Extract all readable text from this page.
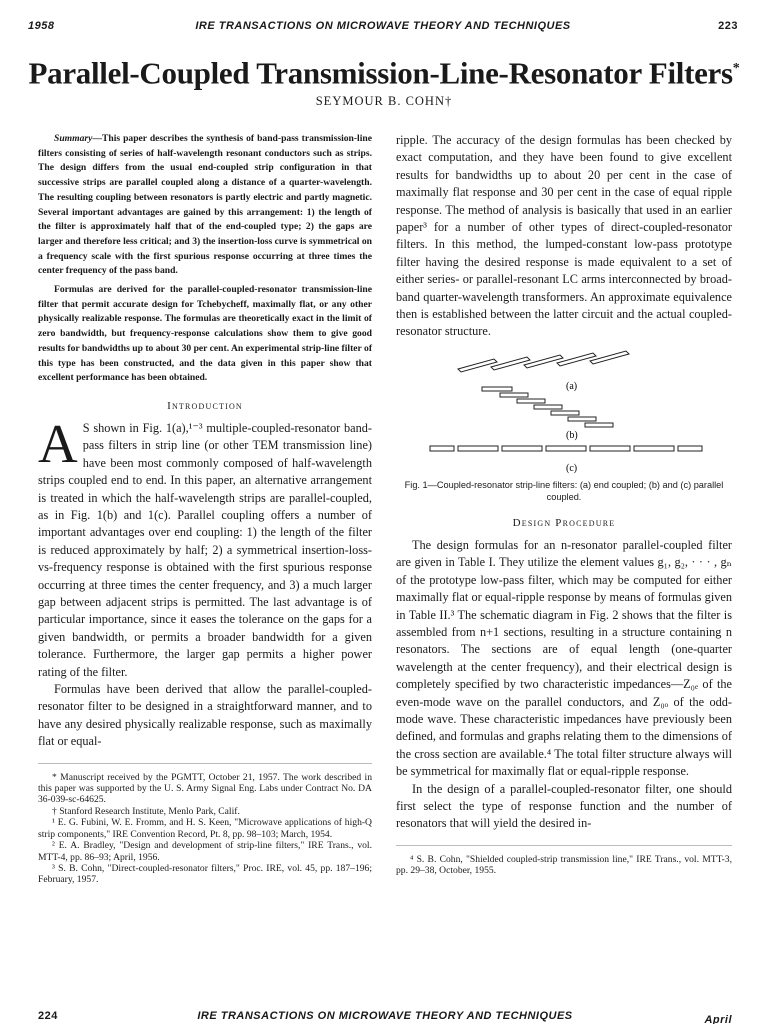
1958	IRE TRANSACTIONS ON MICROWAVE THEORY AND TECHNIQUES	223
Parallel-Coupled Transmission-Line-Resonator Filters*
SEYMOUR B. COHN†

Summary—This paper describes the synthesis of band-pass transmission-line filters consisting of series of half-wavelength resonant conductors such as strips. The design differs from the usual end-coupled strip configuration in that successive strips are parallel coupled along a distance of a quarter-wavelength. The resulting coupling between resonators is partly electric and partly magnetic. Several important advantages are gained by this arrangement: 1) the length of the filter is approximately half that of the end-coupled type; 2) the gaps are larger and therefore less critical; and 3) the insertion-loss curve is symmetrical on a frequency scale with the first spurious response occurring at three times the center frequency of the pass band.

Formulas are derived for the parallel-coupled-resonator transmission-line filter that permit accurate design for Tchebycheff, maximally flat, or any other physically realizable response. The formulas are theoretically exact in the limit of zero bandwidth, but frequency-response calculations show them to give good results for bandwidths up to about 30 per cent. An experimental strip-line filter of this type has been constructed, and the data given in this paper show that excellent performance has been obtained.

Introduction

A S shown in Fig. 1(a),¹⁻³ multiple-coupled-resonator band-pass filters in strip line (or other TEM transmission line) have been most commonly composed of half-wavelength strips coupled end to end. In this paper, an alternative arrangement is treated in which the half-wavelength strips are parallel-coupled, as in Fig. 1(b) and 1(c). Parallel coupling offers a number of important advantages over end coupling: 1) the length of the filter is reduced approximately by half; 2) a symmetrical insertion-loss-vs-frequency response is obtained with the first spurious response occurring at three times the center frequency, and 3) a much larger gap between adjacent strips is permitted. The last advantage is of particular importance, since it eases the tolerance on the gaps for a given bandwidth, or permits a broader bandwidth for a given tolerance. Furthermore, the larger gap permits a higher power rating of the filter.

Formulas have been derived that allow the parallel-coupled-resonator filter to be designed in a straightforward manner, and to have any desired physically realizable response, such as maximally flat or equal-

* Manuscript received by the PGMTT, October 21, 1957. The work described in this paper was supported by the U. S. Army Signal Eng. Labs under Contract No. DA 36-039-sc-64625.

† Stanford Research Institute, Menlo Park, Calif.

¹ E. G. Fubini, W. E. Fromm, and H. S. Keen, "Microwave applications of high-Q strip components," IRE Convention Record, Pt. 8, pp. 98–103; March, 1954.

² E. A. Bradley, "Design and development of strip-line filters," IRE Trans., vol. MTT-4, pp. 86–93; April, 1956.

³ S. B. Cohn, "Direct-coupled-resonator filters," Proc. IRE, vol. 45, pp. 187–196; February, 1957.

ripple. The accuracy of the design formulas has been checked by exact computation, and they have been found to give excellent results for bandwidths up to about 20 per cent in the case of maximally flat response and 30 per cent in the case of equal ripple response. The method of analysis is basically that used in an earlier paper³ for a number of other types of direct-coupled-resonator filters. In this method, the lumped-constant low-pass prototype filter having the desired response is made equivalent to a set of either series- or parallel-resonant LC arms interconnected by broad-band quarter-wavelength transformers. An approximate equivalence then is established between the latter circuit and the actual coupled-resonator structure.

(a)
(b)
(c)

Fig. 1—Coupled-resonator strip-line filters: (a) end coupled; (b) and (c) parallel coupled.

Design Procedure

The design formulas for an n-resonator parallel-coupled filter are given in Table I. They utilize the element values g₁, g₂, · · · , gₙ of the prototype low-pass filter, which may be computed for either maximally flat or equal-ripple response by means of formulas given in Table II.³ The schematic diagram in Fig. 2 shows that the filter is assembled from n+1 sections, resulting in a structure containing n resonators. The sections are of equal length (one-quarter wavelength at the center frequency), and their electrical design is completely specified by two characteristic impedances—Z₀ₑ of the even-mode wave on the parallel conductors, and Z₀ₒ of the odd-mode wave. These characteristic impedances have previously been defined, and formulas and graphs relating them to the dimensions of the cross section are available.⁴ The total filter structure always will be symmetrical for maximally flat or equal-ripple response.

In the design of a parallel-coupled-resonator filter, one should first select the type of response function and the number of resonators that will yield the desired in-

⁴ S. B. Cohn, "Shielded coupled-strip transmission line," IRE Trans., vol. MTT-3, pp. 29–38, October, 1955.

224	IRE TRANSACTIONS ON MICROWAVE THEORY AND TECHNIQUES	April
